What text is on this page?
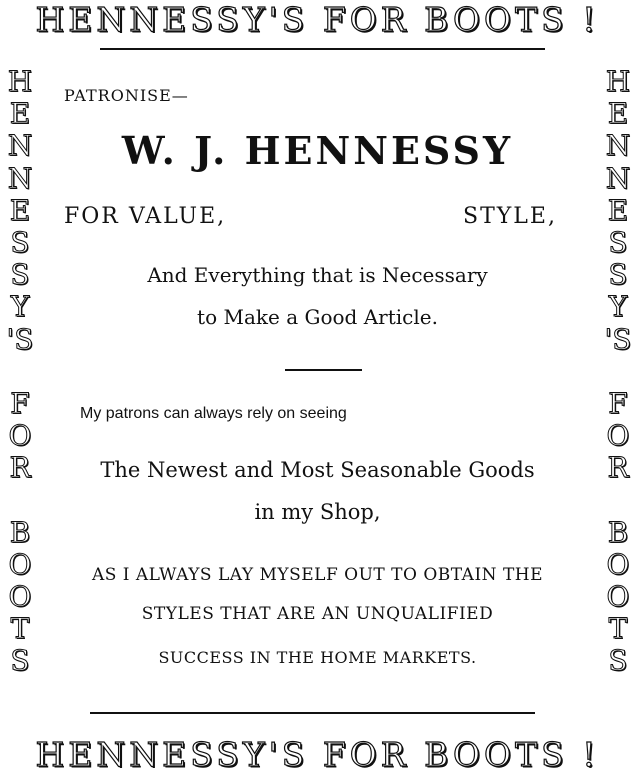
HENNESSY'S FOR BOOTS !
H
E
N
N
E
S
S
Y
'S
F
O
R
B
O
O
T
S
H
E
N
N
E
S
S
Y
'S
F
O
R
B
O
O
T
S
PATRONISE—
W. J. HENNESSY
FOR VALUE,	STYLE,
And Everything that is Necessary
to Make a Good Article.
My patrons can always rely on seeing
The Newest and Most Seasonable Goods
in my Shop,
AS I ALWAYS LAY MYSELF OUT TO OBTAIN THE
STYLES THAT ARE AN UNQUALIFIED
SUCCESS IN THE HOME MARKETS.
HENNESSY'S FOR BOOTS !
